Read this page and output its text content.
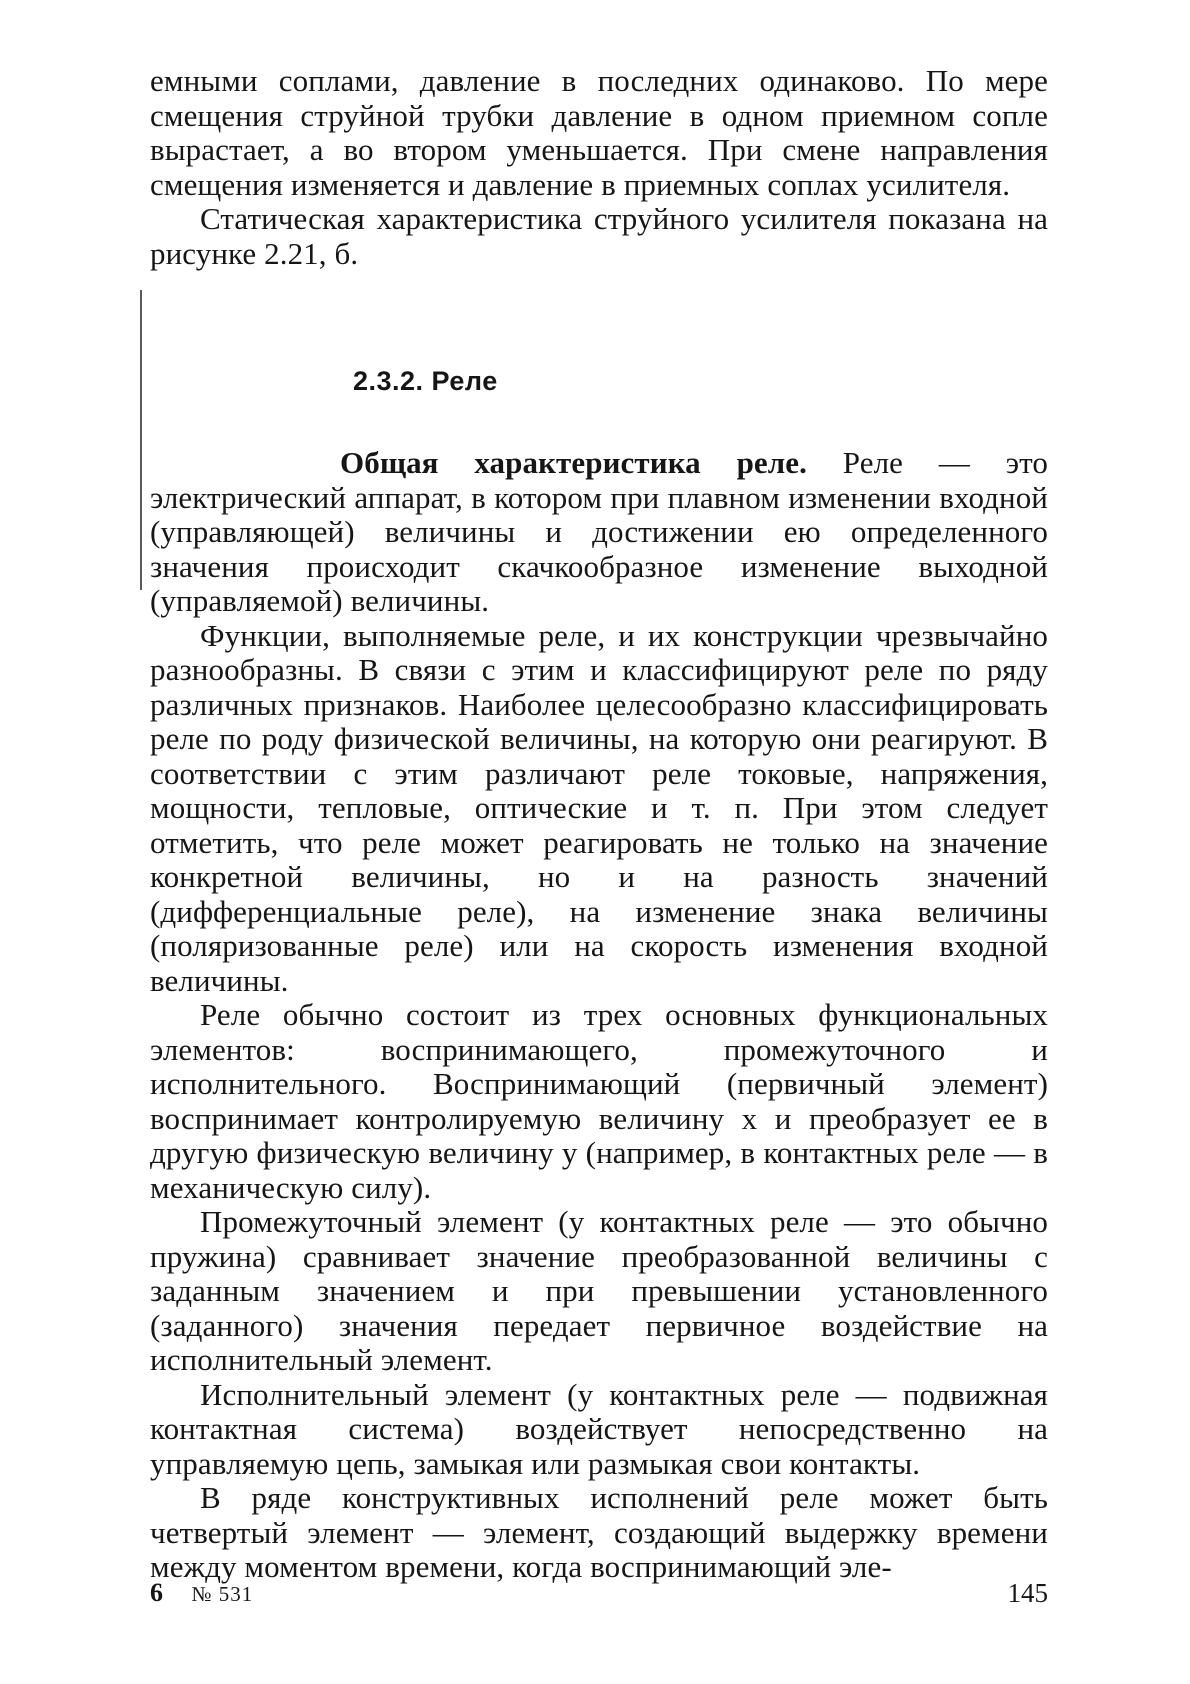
емными соплами, давление в последних одинаково. По мере смещения струйной трубки давление в одном приемном сопле вырастает, а во втором уменьшается. При смене направления смещения изменяется и давление в приемных соплах усилителя.

Статическая характеристика струйного усилителя показана на рисунке 2.21, б.

2.3.2. Реле

Общая характеристика реле. Реле — это электрический аппарат, в котором при плавном изменении входной (управляющей) величины и достижении ею определенного значения происходит скачкообразное изменение выходной (управляемой) величины.

Функции, выполняемые реле, и их конструкции чрезвычайно разнообразны. В связи с этим и классифицируют реле по ряду различных признаков. Наиболее целесообразно классифицировать реле по роду физической величины, на которую они реагируют. В соответствии с этим различают реле токовые, напряжения, мощности, тепловые, оптические и т. п. При этом следует отметить, что реле может реагировать не только на значение конкретной величины, но и на разность значений (дифференциальные реле), на изменение знака величины (поляризованные реле) или на скорость изменения входной величины.

Реле обычно состоит из трех основных функциональных элементов: воспринимающего, промежуточного и исполнительного. Воспринимающий (первичный элемент) воспринимает контролируемую величину x и преобразует ее в другую физическую величину y (например, в контактных реле — в механическую силу).

Промежуточный элемент (у контактных реле — это обычно пружина) сравнивает значение преобразованной величины с заданным значением и при превышении установленного (заданного) значения передает первичное воздействие на исполнительный элемент.

Исполнительный элемент (у контактных реле — подвижная контактная система) воздействует непосредственно на управляемую цепь, замыкая или размыкая свои контакты.

В ряде конструктивных исполнений реле может быть четвертый элемент — элемент, создающий выдержку времени между моментом времени, когда воспринимающий эле-

6 № 531	145
